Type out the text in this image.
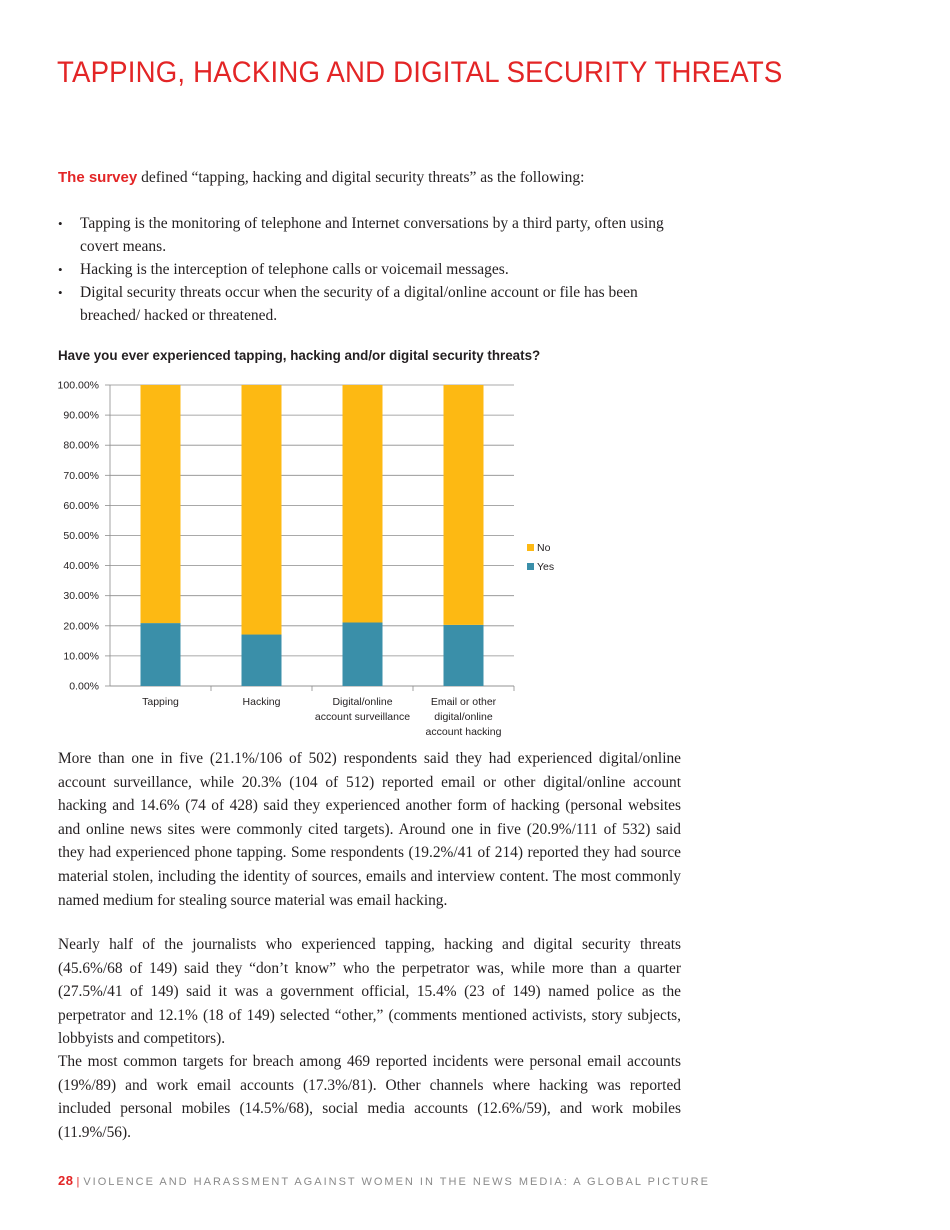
TAPPING, HACKING AND DIGITAL SECURITY THREATS

The survey defined “tapping, hacking and digital security threats” as the following:

• Tapping is the monitoring of telephone and Internet conversations by a third party, often using covert means.
• Hacking is the interception of telephone calls or voicemail messages.
• Digital security threats occur when the security of a digital/online account or file has been breached/ hacked or threatened.
Have you ever experienced tapping, hacking and/or digital security threats?
0.00%
10.00%
20.00%
30.00%
40.00%
50.00%
60.00%
70.00%
80.00%
90.00%
100.00%
Tapping	Hacking	Digital/online
account surveillance
Email or other
digital/online
account hacking
No
Yes

More than one in five (21.1%/106 of 502) respondents said they had experienced digital/online account surveillance, while 20.3% (104 of 512) reported email or other digital/online account hacking and 14.6% (74 of 428) said they experienced another form of hacking (personal websites and online news sites were commonly cited targets). Around one in five (20.9%/111 of 532) said they had experienced phone tapping. Some respondents (19.2%/41 of 214) reported they had source material stolen, including the identity of sources, emails and interview content. The most commonly named medium for stealing source material was email hacking.

Nearly half of the journalists who experienced tapping, hacking and digital security threats (45.6%/68 of 149) said they “don’t know” who the perpetrator was, while more than a quarter (27.5%/41 of 149) said it was a government official, 15.4% (23 of 149) named police as the perpetrator and 12.1% (18 of 149) selected “other,” (comments mentioned activists, story subjects, lobbyists and competitors).

The most common targets for breach among 469 reported incidents were personal email accounts (19%/89) and work email accounts (17.3%/81). Other channels where hacking was reported included personal mobiles (14.5%/68), social media accounts (12.6%/59), and work mobiles (11.9%/56).

28 | VIOLENCE AND HARASSMENT AGAINST WOMEN IN THE NEWS MEDIA: A GLOBAL PICTURE
